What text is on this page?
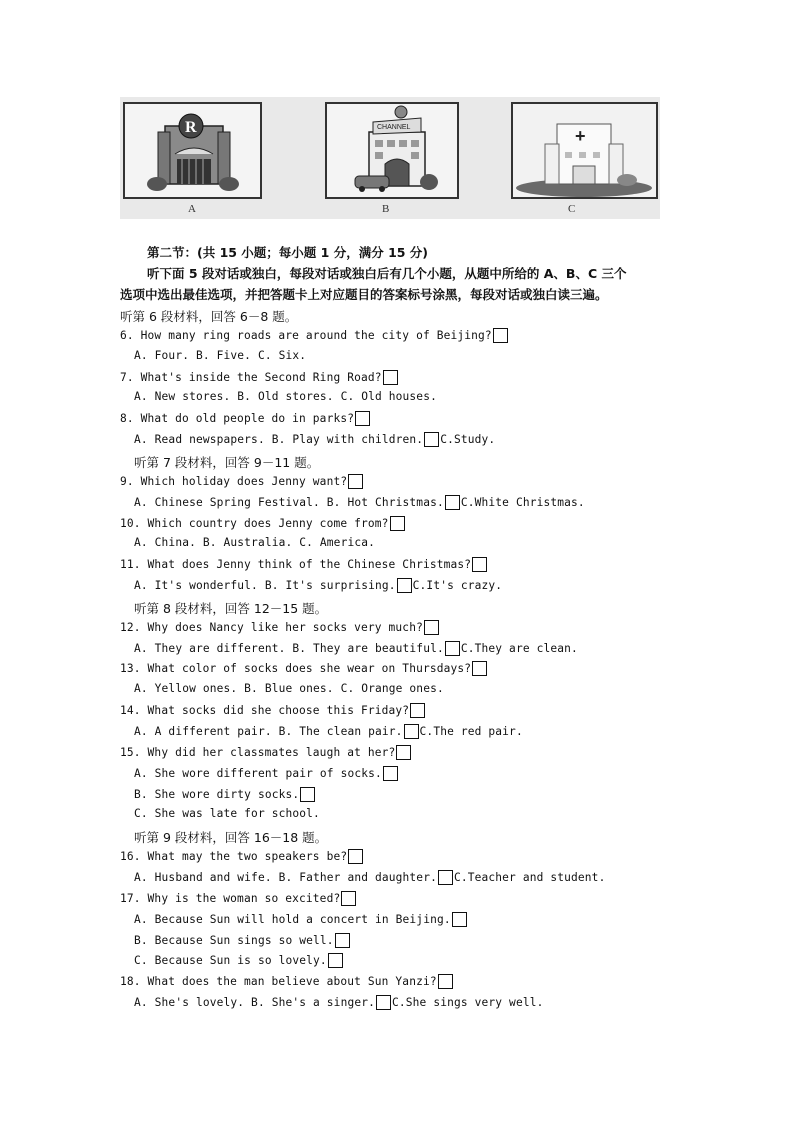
R
A
CHANNEL
B
+
C
第二节：(共 15 小题；每小题 1 分，满分 15 分)
听下面 5 段对话或独白，每段对话或独白后有几个小题，从题中所给的 A、B、C 三个
选项中选出最佳选项，并把答题卡上对应题目的答案标号涂黑，每段对话或独白读三遍。
听第 6 段材料，回答 6－8 题。
6. How many ring roads are around the city of Beijing?
A. Four. B. Five. C. Six.
7. What's inside the Second Ring Road?
A. New stores. B. Old stores. C. Old houses.
8. What do old people do in parks?
A. Read newspapers. B. Play with children. C.Study.
听第 7 段材料，回答 9－11 题。
9. Which holiday does Jenny want?
A. Chinese Spring Festival. B. Hot Christmas. C.White Christmas.
10. Which country does Jenny come from?
A. China. B. Australia. C. America.
11. What does Jenny think of the Chinese Christmas?
A. It's wonderful. B. It's surprising. C.It's crazy.
听第 8 段材料，回答 12－15 题。
12. Why does Nancy like her socks very much?
A. They are different. B. They are beautiful. C.They are clean.
13. What color of socks does she wear on Thursdays?
A. Yellow ones. B. Blue ones. C. Orange ones.
14. What socks did she choose this Friday?
A. A different pair. B. The clean pair. C.The red pair.
15. Why did her classmates laugh at her?
A. She wore different pair of socks.
B. She wore dirty socks.
C. She was late for school.
听第 9 段材料，回答 16－18 题。
16. What may the two speakers be?
A. Husband and wife. B. Father and daughter. C.Teacher and student.
17. Why is the woman so excited?
A. Because Sun will hold a concert in Beijing.
B. Because Sun sings so well.
C. Because Sun is so lovely.
18. What does the man believe about Sun Yanzi?
A. She's lovely. B. She's a singer. C.She sings very well.
